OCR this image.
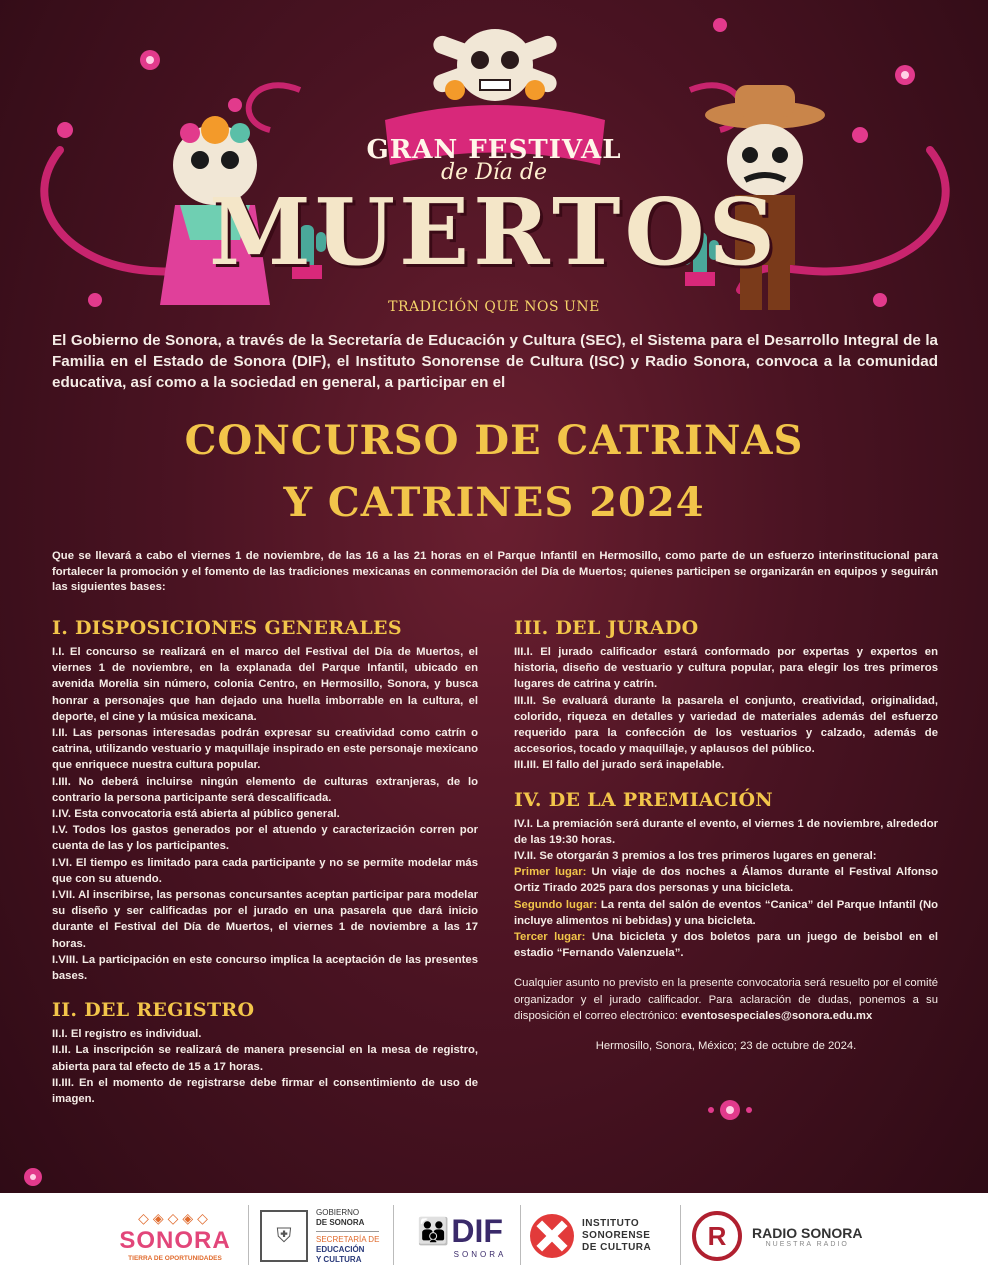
GRAN FESTIVAL
de Día de
MUERTOS
TRADICIÓN QUE NOS UNE
El Gobierno de Sonora, a través de la Secretaría de Educación y Cultura (SEC), el Sistema para el Desarrollo Integral de la Familia en el Estado de Sonora (DIF), el Instituto Sonorense de Cultura (ISC) y Radio Sonora, convoca a la comunidad educativa, así como a la sociedad en general, a participar en el
CONCURSO DE CATRINAS
Y CATRINES 2024
Que se llevará a cabo el viernes 1 de noviembre, de las 16 a las 21 horas en el Parque Infantil en Hermosillo, como parte de un esfuerzo interinstitucional para fortalecer la promoción y el fomento de las tradiciones mexicanas en conmemoración del Día de Muertos; quienes participen se organizarán en equipos y seguirán las siguientes bases:
I. DISPOSICIONES GENERALES

I.I. El concurso se realizará en el marco del Festival del Día de Muertos, el viernes 1 de noviembre, en la explanada del Parque Infantil, ubicado en avenida Morelia sin número, colonia Centro, en Hermosillo, Sonora, y busca honrar a personajes que han dejado una huella imborrable en la cultura, el deporte, el cine y la música mexicana.

I.II. Las personas interesadas podrán expresar su creatividad como catrín o catrina, utilizando vestuario y maquillaje inspirado en este personaje mexicano que enriquece nuestra cultura popular.

I.III. No deberá incluirse ningún elemento de culturas extranjeras, de lo contrario la persona participante será descalificada.

I.IV. Esta convocatoria está abierta al público general.

I.V. Todos los gastos generados por el atuendo y caracterización corren por cuenta de las y los participantes.

I.VI. El tiempo es limitado para cada participante y no se permite modelar más que con su atuendo.

I.VII. Al inscribirse, las personas concursantes aceptan participar para modelar su diseño y ser calificadas por el jurado en una pasarela que dará inicio durante el Festival del Día de Muertos, el viernes 1 de noviembre a las 17 horas.

I.VIII. La participación en este concurso implica la aceptación de las presentes bases.

II. DEL REGISTRO

II.I. El registro es individual.

II.II. La inscripción se realizará de manera presencial en la mesa de registro, abierta para tal efecto de 15 a 17 horas.

II.III. En el momento de registrarse debe firmar el consentimiento de uso de imagen.

III. DEL JURADO

III.I. El jurado calificador estará conformado por expertas y expertos en historia, diseño de vestuario y cultura popular, para elegir los tres primeros lugares de catrina y catrín.

III.II. Se evaluará durante la pasarela el conjunto, creatividad, originalidad, colorido, riqueza en detalles y variedad de materiales además del esfuerzo requerido para la confección de los vestuarios y calzado, además de accesorios, tocado y maquillaje, y aplausos del público.

III.III. El fallo del jurado será inapelable.

IV. DE LA PREMIACIÓN

IV.I. La premiación será durante el evento, el viernes 1 de noviembre, alrededor de las 19:30 horas.

IV.II. Se otorgarán 3 premios a los tres primeros lugares en general:

Primer lugar: Un viaje de dos noches a Álamos durante el Festival Alfonso Ortiz Tirado 2025 para dos personas y una bicicleta.

Segundo lugar: La renta del salón de eventos “Canica” del Parque Infantil (No incluye alimentos ni bebidas) y una bicicleta.

Tercer lugar: Una bicicleta y dos boletos para un juego de beisbol en el estadio “Fernando Valenzuela”.

Cualquier asunto no previsto en la presente convocatoria será resuelto por el comité organizador y el jurado calificador. Para aclaración de dudas, ponemos a su disposición el correo electrónico: eventosespeciales@sonora.edu.mx

Hermosillo, Sonora, México; 23 de octubre de 2024.

◇◈◇◈◇
SONORA
TIERRA DE OPORTUNIDADES
⛨
GOBIERNO
DE SONORA
SECRETARÍA DE
EDUCACIÓN
Y CULTURA
👪 DIF
SONORA
INSTITUTO
SONORENSE
DE CULTURA	R	RADIO SONORA
NUESTRA RADIO
